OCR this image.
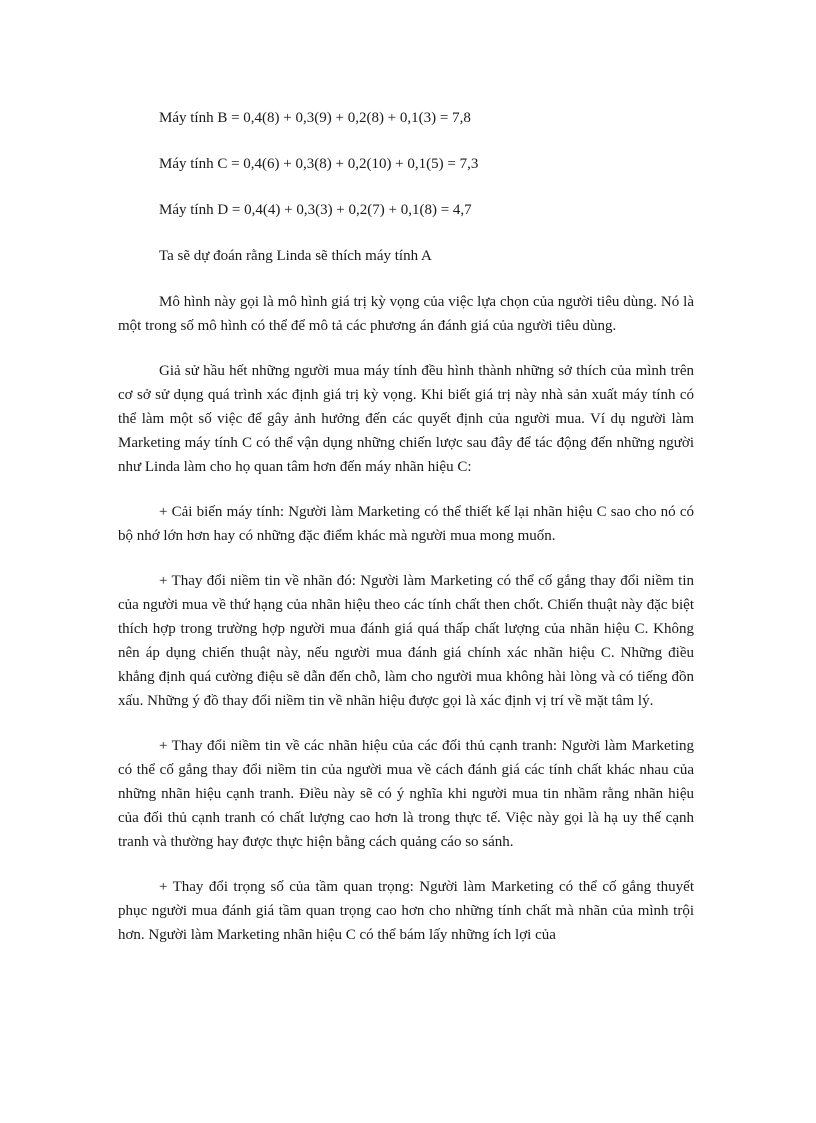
Máy tính B = 0,4(8) + 0,3(9) + 0,2(8) + 0,1(3) = 7,8

Máy tính C = 0,4(6) + 0,3(8) + 0,2(10) + 0,1(5) = 7,3

Máy tính D = 0,4(4) + 0,3(3) + 0,2(7) + 0,1(8) = 4,7

Ta sẽ dự đoán rằng Linda sẽ thích máy tính A

Mô hình này gọi là mô hình giá trị kỳ vọng của việc lựa chọn của người tiêu dùng. Nó là một trong số mô hình có thể để mô tả các phương án đánh giá của người tiêu dùng.

Giả sử hầu hết những người mua máy tính đều hình thành những sở thích của mình trên cơ sở sử dụng quá trình xác định giá trị kỳ vọng. Khi biết giá trị này nhà sản xuất máy tính có thể làm một số việc để gây ảnh hưởng đến các quyết định của người mua. Ví dụ người làm Marketing máy tính C có thể vận dụng những chiến lược sau đây để tác động đến những người như Linda làm cho họ quan tâm hơn đến máy nhãn hiệu C:

+ Cải biến máy tính: Người làm Marketing có thể thiết kế lại nhãn hiệu C sao cho nó có bộ nhớ lớn hơn hay có những đặc điểm khác mà người mua mong muốn.

+ Thay đổi niềm tin về nhãn đó: Người làm Marketing có thể cố gắng thay đổi niềm tin của người mua về thứ hạng của nhãn hiệu theo các tính chất then chốt. Chiến thuật này đặc biệt thích hợp trong trường hợp người mua đánh giá quá thấp chất lượng của nhãn hiệu C. Không nên áp dụng chiến thuật này, nếu người mua đánh giá chính xác nhãn hiệu C. Những điều khẳng định quá cường điệu sẽ dẫn đến chỗ, làm cho người mua không hài lòng và có tiếng đồn xấu. Những ý đồ thay đổi niềm tin về nhãn hiệu được gọi là xác định vị trí về mặt tâm lý.

+ Thay đổi niềm tin về các nhãn hiệu của các đối thủ cạnh tranh: Người làm Marketing có thể cố gắng thay đổi niềm tin của người mua về cách đánh giá các tính chất khác nhau của những nhãn hiệu cạnh tranh. Điều này sẽ có ý nghĩa khi người mua tin nhầm rằng nhãn hiệu của đối thủ cạnh tranh có chất lượng cao hơn là trong thực tế. Việc này gọi là hạ uy thế cạnh tranh và thường hay được thực hiện bằng cách quảng cáo so sánh.

+ Thay đổi trọng số của tầm quan trọng: Người làm Marketing có thể cố gắng thuyết phục người mua đánh giá tầm quan trọng cao hơn cho những tính chất mà nhãn của mình trội hơn. Người làm Marketing nhãn hiệu C có thể bám lấy những ích lợi của
